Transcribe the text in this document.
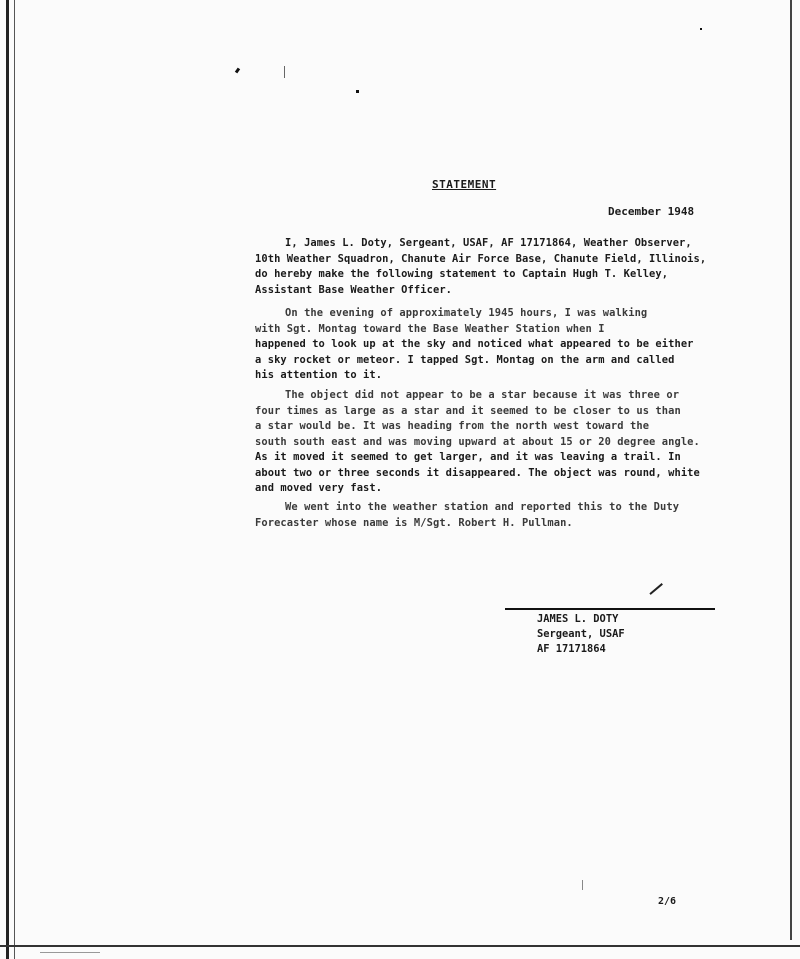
STATEMENT
December 1948
I, James L. Doty, Sergeant, USAF, AF 17171864, Weather Observer,
10th Weather Squadron, Chanute Air Force Base, Chanute Field, Illinois,
do hereby make the following statement to Captain Hugh T. Kelley,
Assistant Base Weather Officer.
On the evening of approximately 1945 hours, I was walking
with Sgt. Montag toward the Base Weather Station when I
happened to look up at the sky and noticed what appeared to be either
a sky rocket or meteor. I tapped Sgt. Montag on the arm and called
his attention to it.
The object did not appear to be a star because it was three or
four times as large as a star and it seemed to be closer to us than
a star would be. It was heading from the north west toward the
south south east and was moving upward at about 15 or 20 degree angle.
As it moved it seemed to get larger, and it was leaving a trail. In
about two or three seconds it disappeared. The object was round, white
and moved very fast.
We went into the weather station and reported this to the Duty
Forecaster whose name is M/Sgt. Robert H. Pullman.
JAMES L. DOTY
Sergeant, USAF
AF 17171864
2/6
